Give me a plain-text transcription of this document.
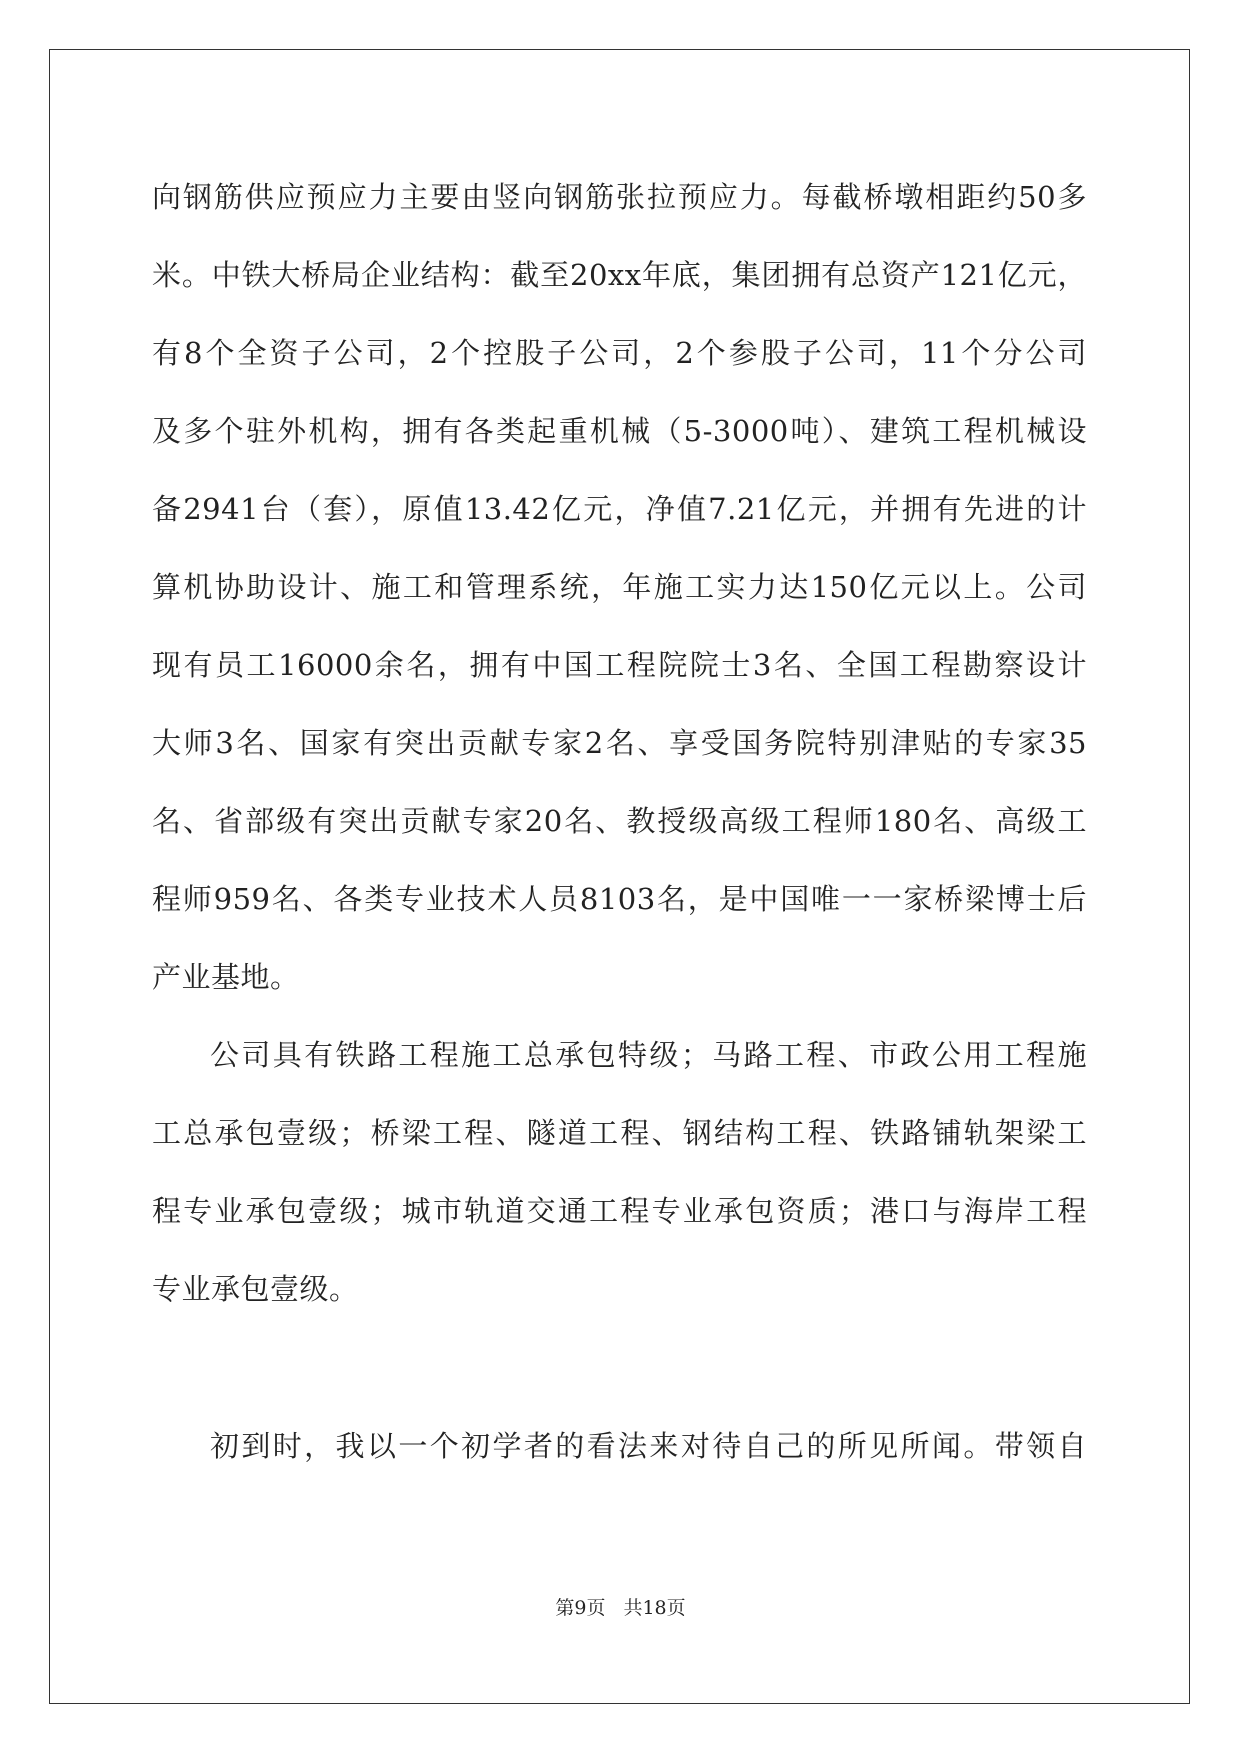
向钢筋供应预应力主要由竖向钢筋张拉预应力。每截桥墩相距约50多
米。中铁大桥局企业结构：截至20xx年底，集团拥有总资产121亿元，
有8个全资子公司，2个控股子公司，2个参股子公司，11个分公司
及多个驻外机构，拥有各类起重机械（5-3000吨）、建筑工程机械设
备2941台（套），原值13.42亿元，净值7.21亿元，并拥有先进的计
算机协助设计、施工和管理系统，年施工实力达150亿元以上。公司
现有员工16000余名，拥有中国工程院院士3名、全国工程勘察设计
大师3名、国家有突出贡献专家2名、享受国务院特别津贴的专家35
名、省部级有突出贡献专家20名、教授级高级工程师180名、高级工
程师959名、各类专业技术人员8103名，是中国唯一一家桥梁博士后
产业基地。
公司具有铁路工程施工总承包特级；马路工程、市政公用工程施
工总承包壹级；桥梁工程、隧道工程、钢结构工程、铁路铺轨架梁工
程专业承包壹级；城市轨道交通工程专业承包资质；港口与海岸工程
专业承包壹级。
初到时，我以一个初学者的看法来对待自己的所见所闻。带领自
第9页 共18页
